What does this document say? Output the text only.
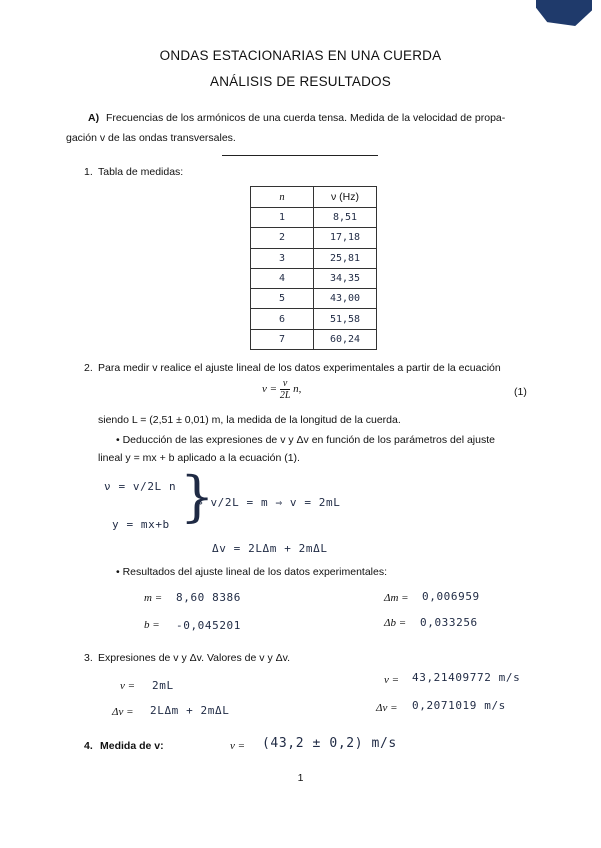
ONDAS ESTACIONARIAS EN UNA CUERDA
ANÁLISIS DE RESULTADOS
A) Frecuencias de los armónicos de una cuerda tensa. Medida de la velocidad de propa-
gación v de las ondas transversales.
1. Tabla de medidas:
n	ν (Hz)
1	8,51
2	17,18
3	25,81
4	34,35
5	43,00
6	51,58
7	60,24
2. Para medir v realice el ajuste lineal de los datos experimentales a partir de la ecuación
$\nu = \frac{v}{2L} n$,	(1)
siendo L = (2,51 ± 0,01) m, la medida de la longitud de la cuerda.
• Deducción de las expresiones de v y Δv en función de los parámetros del ajuste
lineal y = mx + b aplicado a la ecuación (1).
ν = v/2L n
y = mx+b }
⇒ v/2L = m ⇒ v = 2mL
Δv = 2LΔm + 2mΔL
• Resultados del ajuste lineal de los datos experimentales:
m = 8,60 8386	Δm = 0,006959
b = -0,045201	Δb = 0,033256
3. Expresiones de v y Δv. Valores de v y Δv.
v = 2mL	v = 43,21409772 m/s
Δv = 2LΔm + 2mΔL	Δv = 0,2071019 m/s
4. Medida de v:	v = (43,2 ± 0,2) m/s
1
